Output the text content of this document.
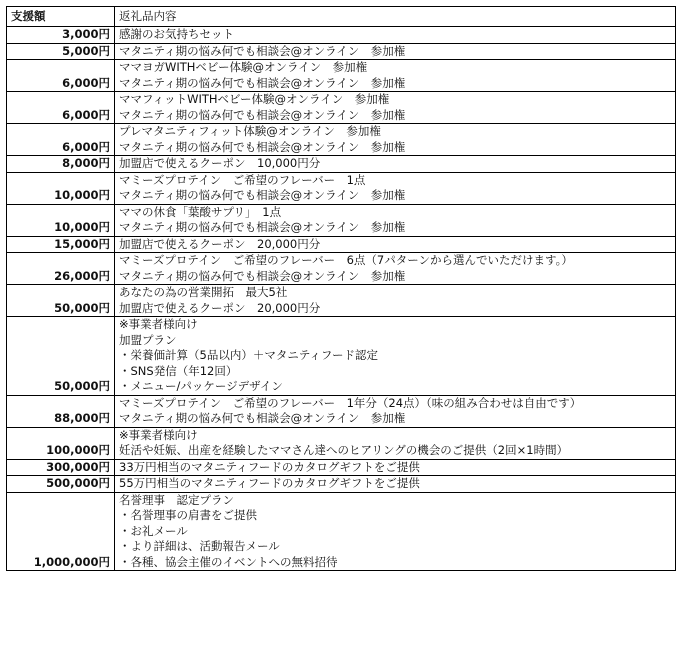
支援額	返礼品内容
3,000円	感謝のお気持ちセット

5,000円	マタニティ期の悩み何でも相談会@オンライン　参加権

6,000円	ママヨガWITHベビー体験@オンライン　参加権
マタニティ期の悩み何でも相談会@オンライン　参加権

6,000円	ママフィットWITHベビー体験@オンライン　参加権
マタニティ期の悩み何でも相談会@オンライン　参加権

6,000円	プレマタニティフィット体験@オンライン　参加権
マタニティ期の悩み何でも相談会@オンライン　参加権

8,000円	加盟店で使えるクーポン　10,000円分

10,000円	マミーズプロテイン　ご希望のフレーバー　1点
マタニティ期の悩み何でも相談会@オンライン　参加権

10,000円	ママの休食「葉酸サプリ」　1点
マタニティ期の悩み何でも相談会@オンライン　参加権

15,000円	加盟店で使えるクーポン　20,000円分

26,000円	マミーズプロテイン　ご希望のフレーバー　6点（7パターンから選んでいただけます。）
マタニティ期の悩み何でも相談会@オンライン　参加権

50,000円	あなたの為の営業開拓　最大5社
加盟店で使えるクーポン　20,000円分

50,000円	※事業者様向け
加盟プラン
・栄養価計算（5品以内）＋マタニティフード認定
・SNS発信（年12回）
・メニュー/パッケージデザイン

88,000円	マミーズプロテイン　ご希望のフレーバー　1年分（24点）（味の組み合わせは自由です）
マタニティ期の悩み何でも相談会@オンライン　参加権

100,000円	※事業者様向け
妊活や妊娠、出産を経験したママさん達へのヒアリングの機会のご提供（2回×1時間）

300,000円	33万円相当のマタニティフードのカタログギフトをご提供

500,000円	55万円相当のマタニティフードのカタログギフトをご提供

1,000,000円	名誉理事　認定プラン
・名誉理事の肩書をご提供
・お礼メール
・より詳細は、活動報告メール
・各種、協会主催のイベントへの無料招待
